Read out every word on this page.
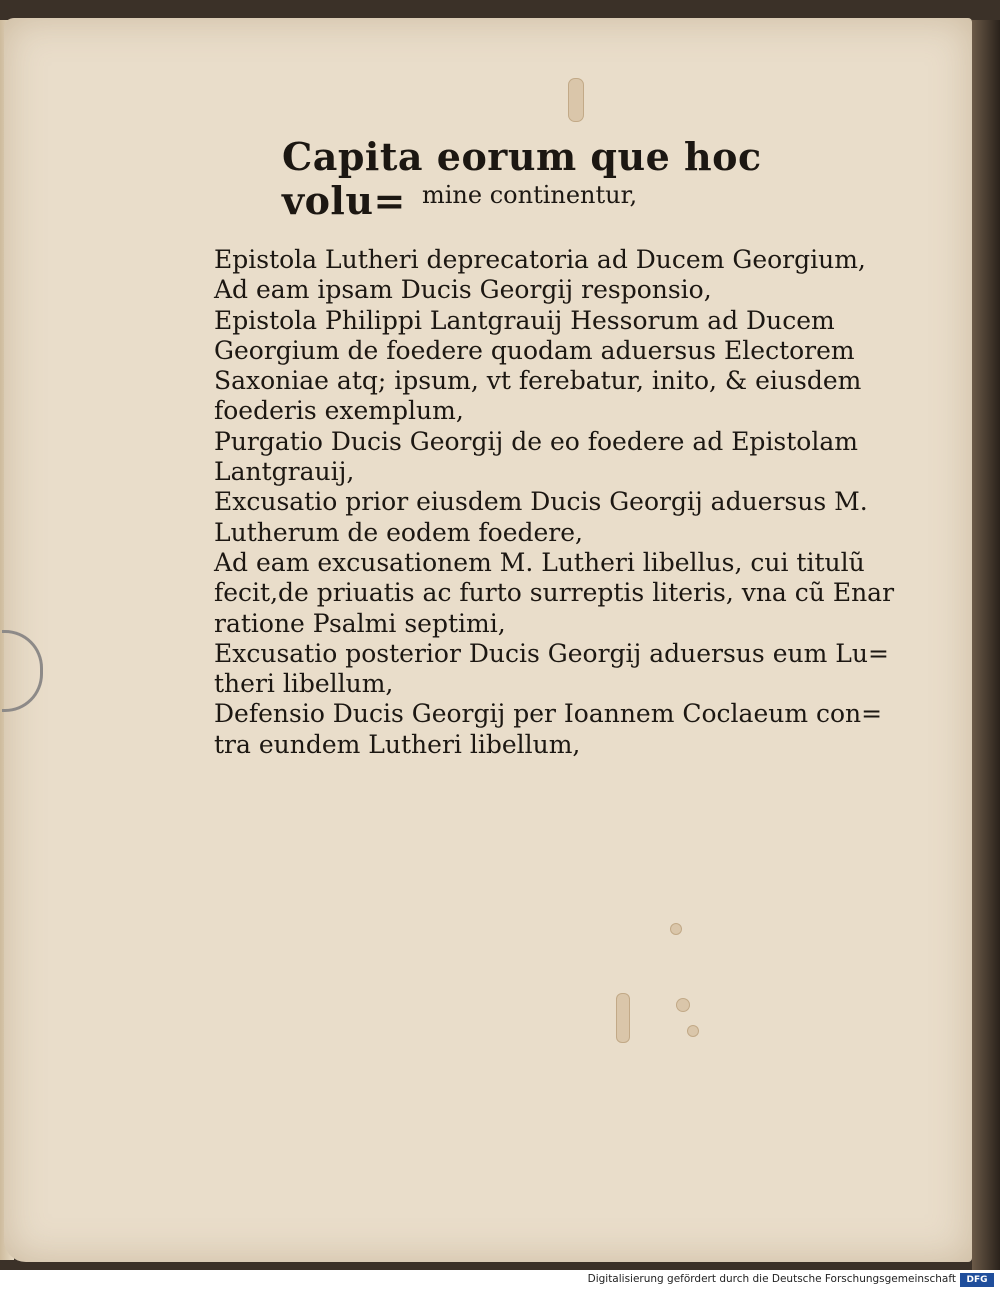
Capita eorum que hoc volu= mine continentur,
Epistola Lutheri deprecatoria ad Ducem Georgium,
Ad eam ipsam Ducis Georgij responsio,
Epistola Philippi Lantgrauij Hessorum ad Ducem
Georgium de foedere quodam aduersus Electorem
Saxoniae atq; ipsum, vt ferebatur, inito, & eiusdem
foederis exemplum,
Purgatio Ducis Georgij de eo foedere ad Epistolam
Lantgrauij,
Excusatio prior eiusdem Ducis Georgij aduersus M.
Lutherum de eodem foedere,
Ad eam excusationem M. Lutheri libellus, cui titulũ
fecit,de priuatis ac furto surreptis literis, vna cũ Enar
ratione Psalmi septimi,
Excusatio posterior Ducis Georgij aduersus eum Lu=
theri libellum,
Defensio Ducis Georgij per Ioannem Coclaeum con=
tra eundem Lutheri libellum,
Digitalisierung gefördert durch die Deutsche Forschungsgemeinschaft	DFG
